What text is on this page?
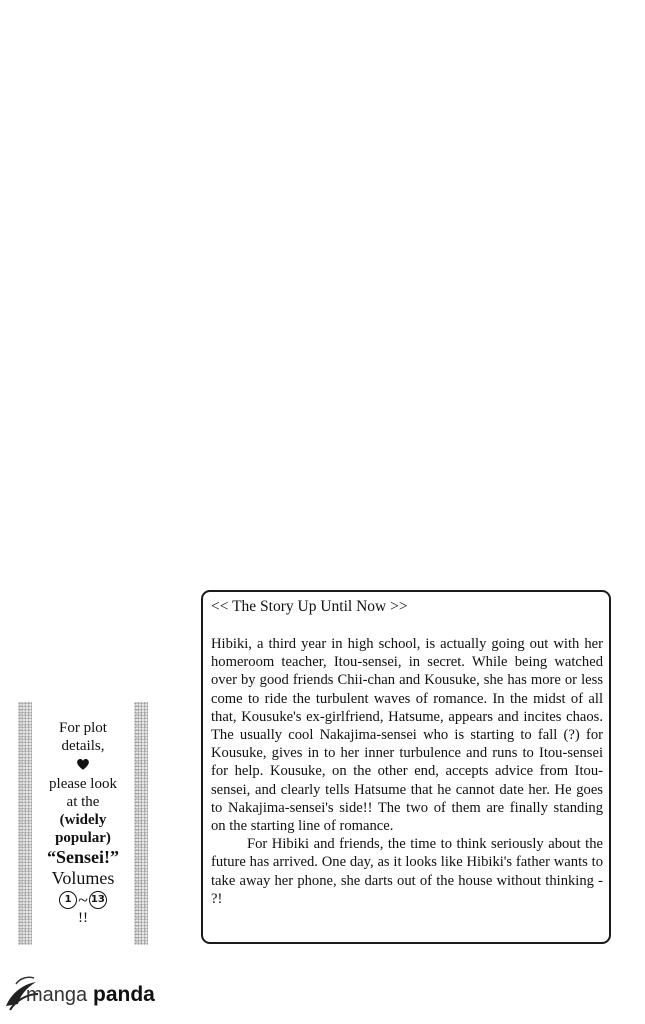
<< The Story Up Until Now >>

Hibiki, a third year in high school, is actually going out with her homeroom teacher, Itou-sensei, in secret. While being watched over by good friends Chii-chan and Kousuke, she has more or less come to ride the turbulent waves of romance. In the midst of all that, Kousuke's ex-girlfriend, Hatsume, appears and incites chaos. The usually cool Nakajima-sensei who is starting to fall (?) for Kousuke, gives in to her inner turbulence and runs to Itou-sensei for help. Kousuke, on the other end, accepts advice from Itou-sensei, and clearly tells Hatsume that he cannot date her. He goes to Nakajima-sensei's side!! The two of them are finally standing on the starting line of romance.

For Hibiki and friends, the time to think seriously about the future has arrived. One day, as it looks like Hibiki's father wants to take away her phone, she darts out of the house without thinking - ?!

For plot
details,
please look
at the
(widely
popular)
“Sensei!”
Volumes
1 ~ 13
!!
manga panda
